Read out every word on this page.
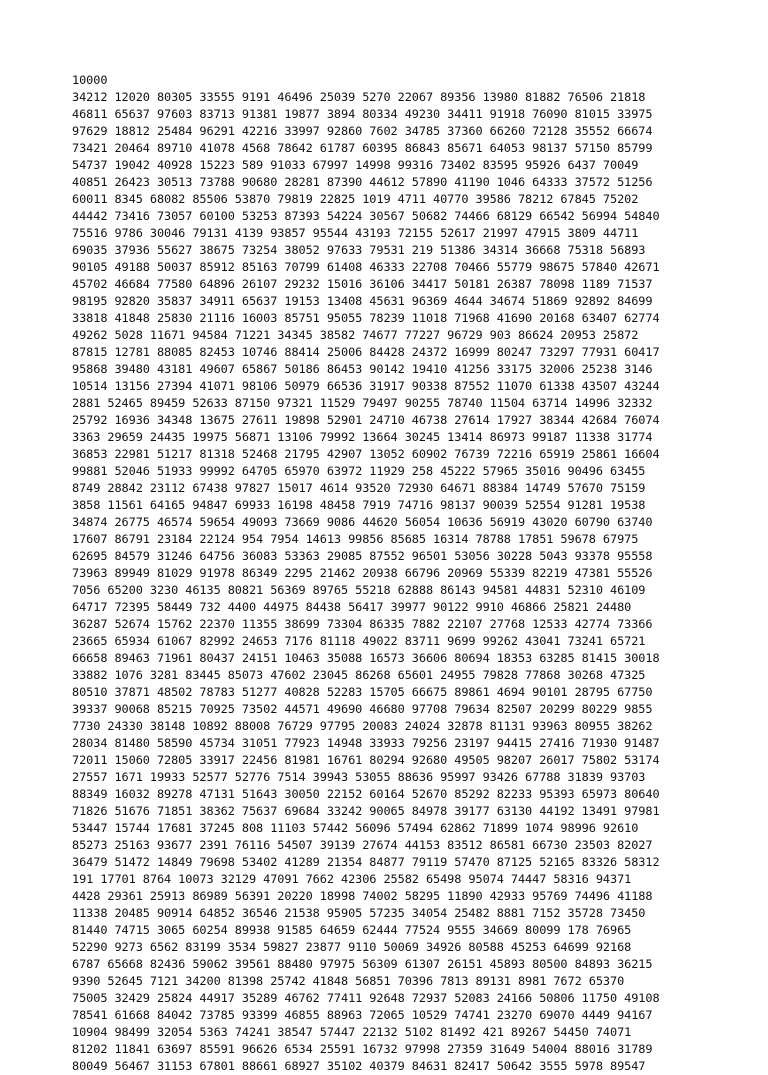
10000
34212 12020 80305 33555 9191 46496 25039 5270 22067 89356 13980 81882 76506 21818
46811 65637 97603 83713 91381 19877 3894 80334 49230 34411 91918 76090 81015 33975
97629 18812 25484 96291 42216 33997 92860 7602 34785 37360 66260 72128 35552 66674
73421 20464 89710 41078 4568 78642 61787 60395 86843 85671 64053 98137 57150 85799
54737 19042 40928 15223 589 91033 67997 14998 99316 73402 83595 95926 6437 70049
40851 26423 30513 73788 90680 28281 87390 44612 57890 41190 1046 64333 37572 51256
60011 8345 68082 85506 53870 79819 22825 1019 4711 40770 39586 78212 67845 75202
44442 73416 73057 60100 53253 87393 54224 30567 50682 74466 68129 66542 56994 54840
75516 9786 30046 79131 4139 93857 95544 43193 72155 52617 21997 47915 3809 44711
69035 37936 55627 38675 73254 38052 97633 79531 219 51386 34314 36668 75318 56893
90105 49188 50037 85912 85163 70799 61408 46333 22708 70466 55779 98675 57840 42671
45702 46684 77580 64896 26107 29232 15016 36106 34417 50181 26387 78098 1189 71537
98195 92820 35837 34911 65637 19153 13408 45631 96369 4644 34674 51869 92892 84699
33818 41848 25830 21116 16003 85751 95055 78239 11018 71968 41690 20168 63407 62774
49262 5028 11671 94584 71221 34345 38582 74677 77227 96729 903 86624 20953 25872
87815 12781 88085 82453 10746 88414 25006 84428 24372 16999 80247 73297 77931 60417
95868 39480 43181 49607 65867 50186 86453 90142 19410 41256 33175 32006 25238 3146
10514 13156 27394 41071 98106 50979 66536 31917 90338 87552 11070 61338 43507 43244
2881 52465 89459 52633 87150 97321 11529 79497 90255 78740 11504 63714 14996 32332
25792 16936 34348 13675 27611 19898 52901 24710 46738 27614 17927 38344 42684 76074
3363 29659 24435 19975 56871 13106 79992 13664 30245 13414 86973 99187 11338 31774
36853 22981 51217 81318 52468 21795 42907 13052 60902 76739 72216 65919 25861 16604
99881 52046 51933 99992 64705 65970 63972 11929 258 45222 57965 35016 90496 63455
8749 28842 23112 67438 97827 15017 4614 93520 72930 64671 88384 14749 57670 75159
3858 11561 64165 94847 69933 16198 48458 7919 74716 98137 90039 52554 91281 19538
34874 26775 46574 59654 49093 73669 9086 44620 56054 10636 56919 43020 60790 63740
17607 86791 23184 22124 954 7954 14613 99856 85685 16314 78788 17851 59678 67975
62695 84579 31246 64756 36083 53363 29085 87552 96501 53056 30228 5043 93378 95558
73963 89949 81029 91978 86349 2295 21462 20938 66796 20969 55339 82219 47381 55526
7056 65200 3230 46135 80821 56369 89765 55218 62888 86143 94581 44831 52310 46109
64717 72395 58449 732 4400 44975 84438 56417 39977 90122 9910 46866 25821 24480
36287 52674 15762 22370 11355 38699 73304 86335 7882 22107 27768 12533 42774 73366
23665 65934 61067 82992 24653 7176 81118 49022 83711 9699 99262 43041 73241 65721
66658 89463 71961 80437 24151 10463 35088 16573 36606 80694 18353 63285 81415 30018
33882 1076 3281 83445 85073 47602 23045 86268 65601 24955 79828 77868 30268 47325
80510 37871 48502 78783 51277 40828 52283 15705 66675 89861 4694 90101 28795 67750
39337 90068 85215 70925 73502 44571 49690 46680 97708 79634 82507 20299 80229 9855
7730 24330 38148 10892 88008 76729 97795 20083 24024 32878 81131 93963 80955 38262
28034 81480 58590 45734 31051 77923 14948 33933 79256 23197 94415 27416 71930 91487
72011 15060 72805 33917 22456 81981 16761 80294 92680 49505 98207 26017 75802 53174
27557 1671 19933 52577 52776 7514 39943 53055 88636 95997 93426 67788 31839 93703
88349 16032 89278 47131 51643 30050 22152 60164 52670 85292 82233 95393 65973 80640
71826 51676 71851 38362 75637 69684 33242 90065 84978 39177 63130 44192 13491 97981
53447 15744 17681 37245 808 11103 57442 56096 57494 62862 71899 1074 98996 92610
85273 25163 93677 2391 76116 54507 39139 27674 44153 83512 86581 66730 23503 82027
36479 51472 14849 79698 53402 41289 21354 84877 79119 57470 87125 52165 83326 58312
191 17701 8764 10073 32129 47091 7662 42306 25582 65498 95074 74447 58316 94371
4428 29361 25913 86989 56391 20220 18998 74002 58295 11890 42933 95769 74496 41188
11338 20485 90914 64852 36546 21538 95905 57235 34054 25482 8881 7152 35728 73450
81440 74715 3065 60254 89938 91585 64659 62444 77524 9555 34669 80099 178 76965
52290 9273 6562 83199 3534 59827 23877 9110 50069 34926 80588 45253 64699 92168
6787 65668 82436 59062 39561 88480 97975 56309 61307 26151 45893 80500 84893 36215
9390 52645 7121 34200 81398 25742 41848 56851 70396 7813 89131 8981 7672 65370
75005 32429 25824 44917 35289 46762 77411 92648 72937 52083 24166 50806 11750 49108
78541 61668 84042 73785 93399 46855 88963 72065 10529 74741 23270 69070 4449 94167
10904 98499 32054 5363 74241 38547 57447 22132 5102 81492 421 89267 54450 74071
81202 11841 63697 85591 96626 6534 25591 16732 97998 27359 31649 54004 88016 31789
80049 56467 31153 67801 88661 68927 35102 40379 84631 82417 50642 3555 5978 89547
